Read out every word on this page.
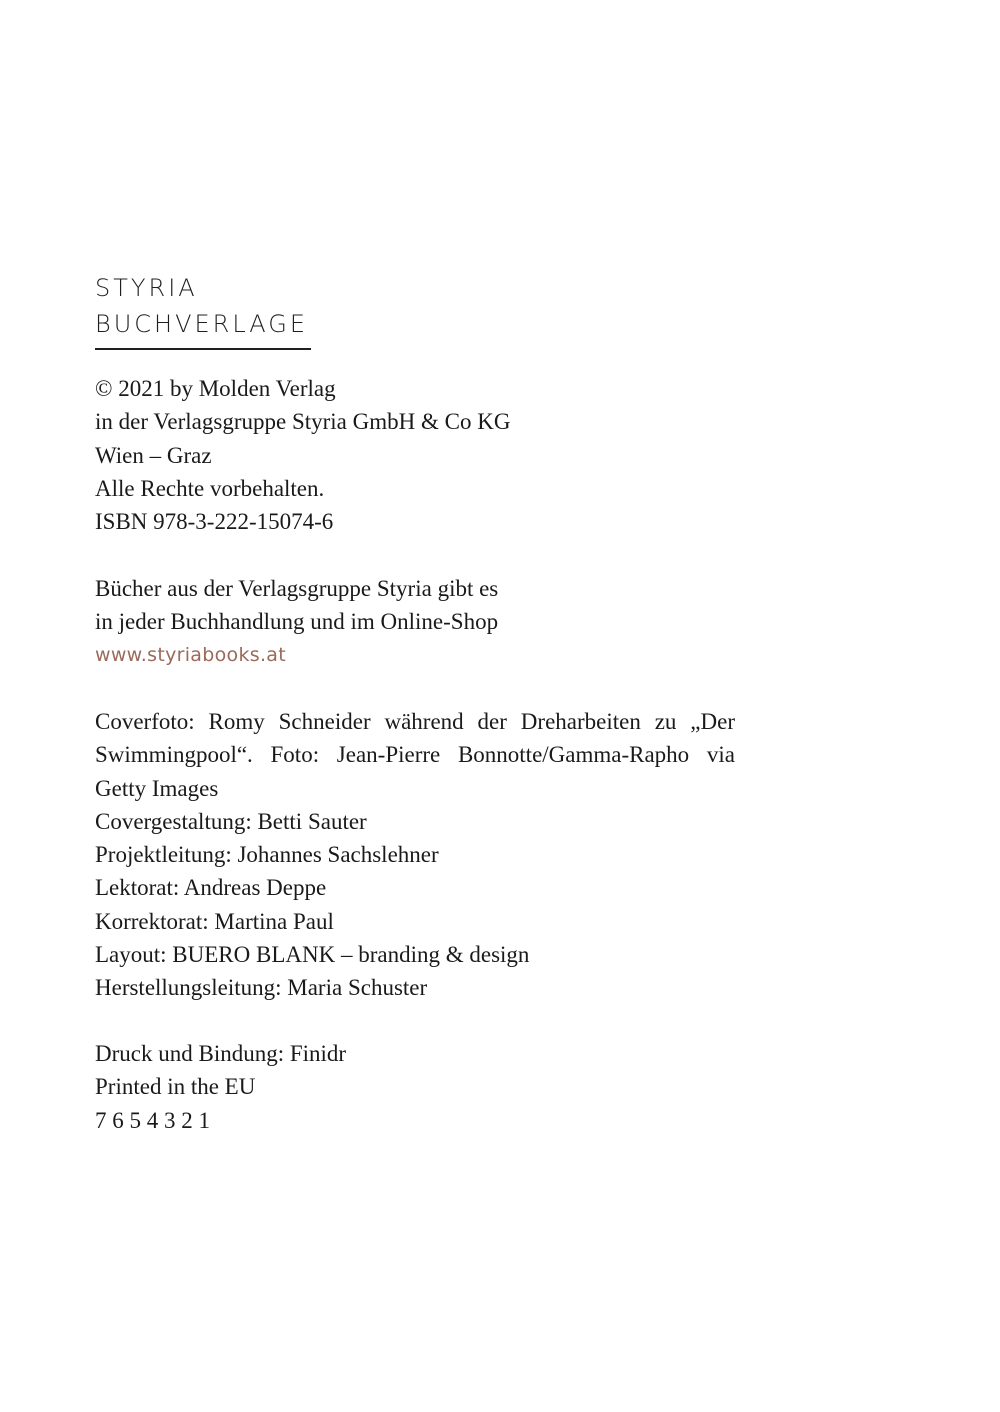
STYRIA
BUCHVERLAGE
© 2021 by Molden Verlag
in der Verlagsgruppe Styria GmbH & Co KG
Wien – Graz
Alle Rechte vorbehalten.
ISBN 978-3-222-15074-6
Bücher aus der Verlagsgruppe Styria gibt es
in jeder Buchhandlung und im Online-Shop
www.styriabooks.at
Coverfoto: Romy Schneider während der Dreharbeiten zu „Der Swimmingpool“. Foto: Jean-Pierre Bonnotte/Gamma-Rapho via Getty Images
Covergestaltung: Betti Sauter
Projektleitung: Johannes Sachslehner
Lektorat: Andreas Deppe
Korrektorat: Martina Paul
Layout: BUERO BLANK – branding & design
Herstellungsleitung: Maria Schuster
Druck und Bindung: Finidr
Printed in the EU
7 6 5 4 3 2 1
